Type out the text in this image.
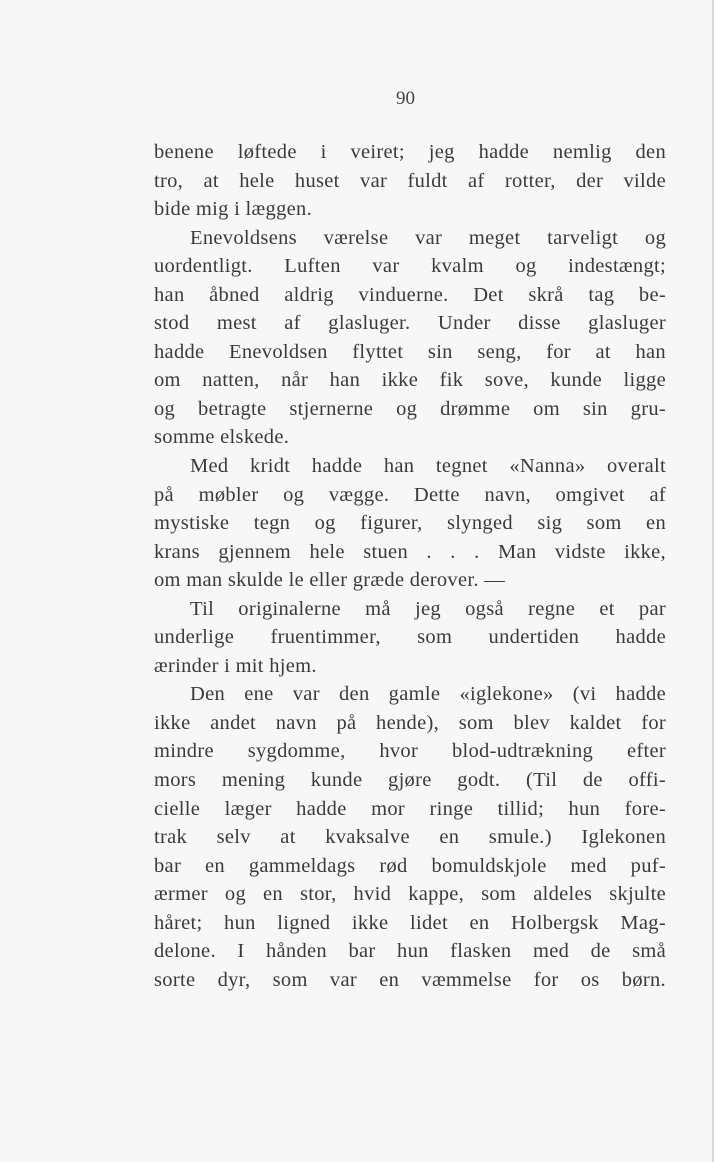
90
benene løftede i veiret; jeg hadde nemlig den
tro, at hele huset var fuldt af rotter, der vilde
bide mig i læggen.
Enevoldsens værelse var meget tarveligt og
uordentligt. Luften var kvalm og indestængt;
han åbned aldrig vinduerne. Det skrå tag be-
stod mest af glasluger. Under disse glasluger
hadde Enevoldsen flyttet sin seng, for at han
om natten, når han ikke fik sove, kunde ligge
og betragte stjernerne og drømme om sin gru-
somme elskede.
Med kridt hadde han tegnet «Nanna» overalt
på møbler og vægge. Dette navn, omgivet af
mystiske tegn og figurer, slynged sig som en
krans gjennem hele stuen . . . Man vidste ikke,
om man skulde le eller græde derover. —
Til originalerne må jeg også regne et par
underlige fruentimmer, som undertiden hadde
ærinder i mit hjem.
Den ene var den gamle «iglekone» (vi hadde
ikke andet navn på hende), som blev kaldet for
mindre sygdomme, hvor blod-udtrækning efter
mors mening kunde gjøre godt. (Til de offi-
cielle læger hadde mor ringe tillid; hun fore-
trak selv at kvaksalve en smule.) Iglekonen
bar en gammeldags rød bomuldskjole med puf-
ærmer og en stor, hvid kappe, som aldeles skjulte
håret; hun ligned ikke lidet en Holbergsk Mag-
delone. I hånden bar hun flasken med de små
sorte dyr, som var en væmmelse for os børn.
